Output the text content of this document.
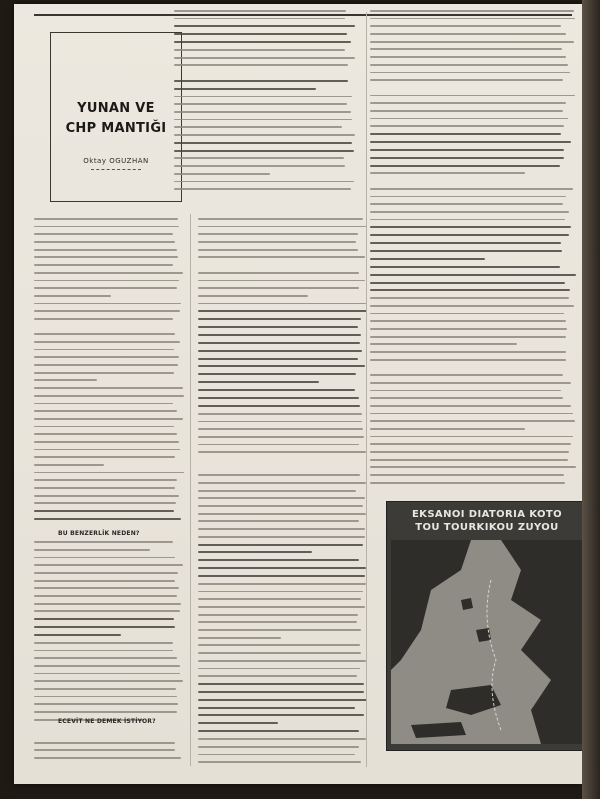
YUNAN VE
CHP MANTIĞI
Oktay OGUZHAN
BU BENZERLİK NEDEN?
ECEVİT NE DEMEK İSTİYOR?
EKSANOI DIATORIA KOTO
TOU TOURKIKOU ZUYOU
